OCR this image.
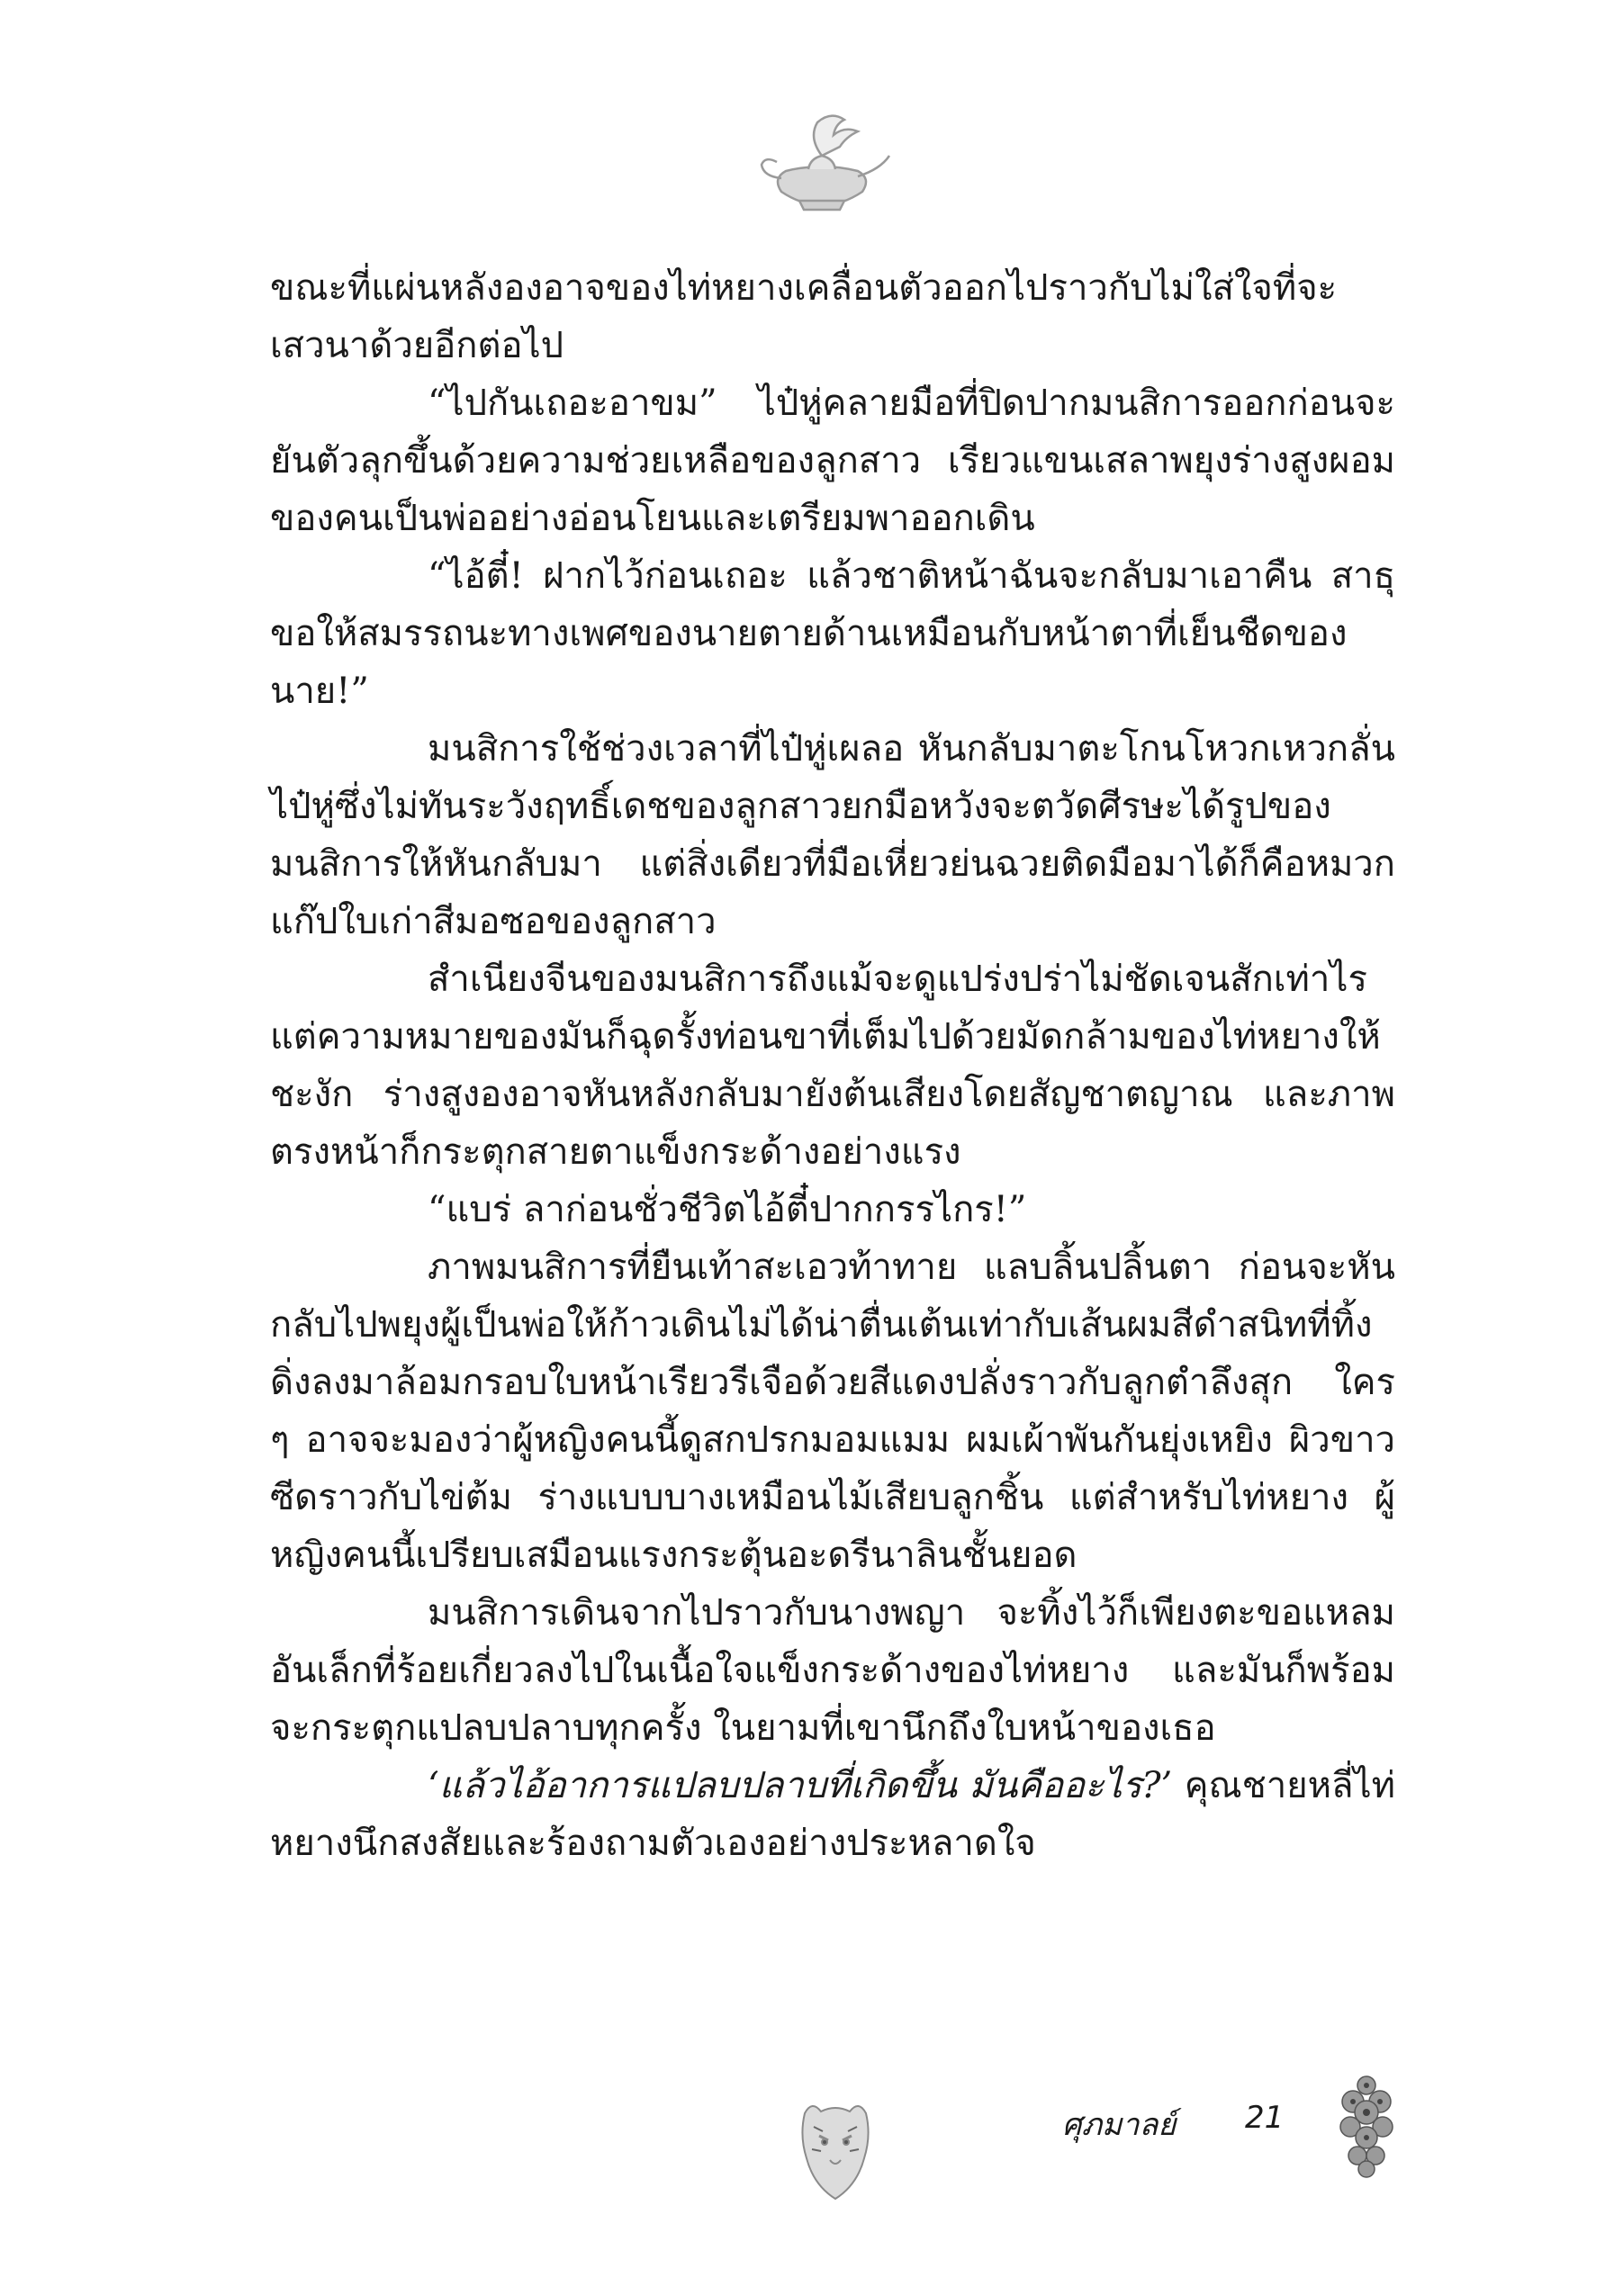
ขณะที่แผ่นหลังองอาจของไท่หยางเคลื่อนตัวออกไปราวกับไม่ใส่ใจที่จะเสวนาด้วยอีกต่อไป

“ไปกันเถอะอาขม” ไป๋หู่คลายมือที่ปิดปากมนสิการออกก่อนจะยันตัวลุกขึ้นด้วยความช่วยเหลือของลูกสาว เรียวแขนเสลาพยุงร่างสูงผอมของคนเป็นพ่ออย่างอ่อนโยนและเตรียมพาออกเดิน

“ไอ้ตี๋! ฝากไว้ก่อนเถอะ แล้วชาติหน้าฉันจะกลับมาเอาคืน สาธุ ขอให้สมรรถนะทางเพศของนายตายด้านเหมือนกับหน้าตาที่เย็นชืดของนาย!”

มนสิการใช้ช่วงเวลาที่ไป๋หู่เผลอ หันกลับมาตะโกนโหวกเหวกลั่น ไป๋หู่ซึ่งไม่ทันระวังฤทธิ์เดชของลูกสาวยกมือหวังจะตวัดศีรษะได้รูปของมนสิการให้หันกลับมา แต่สิ่งเดียวที่มือเหี่ยวย่นฉวยติดมือมาได้ก็คือหมวกแก๊ปใบเก่าสีมอซอของลูกสาว

สำเนียงจีนของมนสิการถึงแม้จะดูแปร่งปร่าไม่ชัดเจนสักเท่าไร แต่ความหมายของมันก็ฉุดรั้งท่อนขาที่เต็มไปด้วยมัดกล้ามของไท่หยางให้ชะงัก ร่างสูงองอาจหันหลังกลับมายังต้นเสียงโดยสัญชาตญาณ และภาพตรงหน้าก็กระตุกสายตาแข็งกระด้างอย่างแรง

“แบร่ ลาก่อนชั่วชีวิตไอ้ตี๋ปากกรรไกร!”

ภาพมนสิการที่ยืนเท้าสะเอวท้าทาย แลบลิ้นปลิ้นตา ก่อนจะหันกลับไปพยุงผู้เป็นพ่อให้ก้าวเดินไม่ได้น่าตื่นเต้นเท่ากับเส้นผมสีดำสนิทที่ทิ้งดิ่งลงมาล้อมกรอบใบหน้าเรียวรีเจือด้วยสีแดงปลั่งราวกับลูกตำลึงสุก ใคร ๆ อาจจะมองว่าผู้หญิงคนนี้ดูสกปรกมอมแมม ผมเผ้าพันกันยุ่งเหยิง ผิวขาวซีดราวกับไข่ต้ม ร่างแบบบางเหมือนไม้เสียบลูกชิ้น แต่สำหรับไท่หยาง ผู้หญิงคนนี้เปรียบเสมือนแรงกระตุ้นอะดรีนาลินชั้นยอด

มนสิการเดินจากไปราวกับนางพญา จะทิ้งไว้ก็เพียงตะขอแหลมอันเล็กที่ร้อยเกี่ยวลงไปในเนื้อใจแข็งกระด้างของไท่หยาง และมันก็พร้อมจะกระตุกแปลบปลาบทุกครั้ง ในยามที่เขานึกถึงใบหน้าของเธอ

‘แล้วไอ้อาการแปลบปลาบที่เกิดขึ้น มันคืออะไร?’ คุณชายหลี่ไท่หยางนึกสงสัยและร้องถามตัวเองอย่างประหลาดใจ

ศุภมาลย์ 21
